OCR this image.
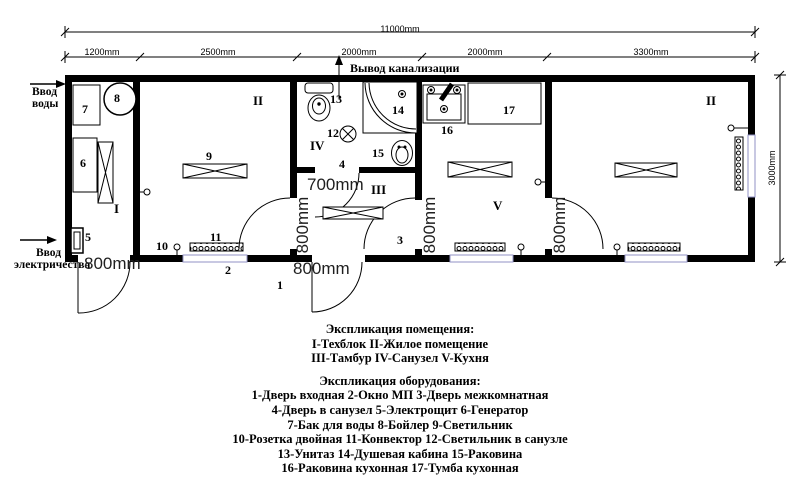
11000mm
1200mm	2500mm	2000mm	2000mm	3300mm
3000mm
Ввод
воды
Ввод
электричества
Вывод канализации
800mm	800mm
700mm
800mm	800mm	800mm
I
II	II
III
IV
V
1
2
3
4
5
6
7
8
9
10
11
12
13
14
15
16
17
Экспликация помещения:
I-Техблок II-Жилое помещение
III-Тамбур IV-Санузел V-Кухня
Экспликация оборудования:
1-Дверь входная 2-Окно МП 3-Дверь межкомнатная
4-Дверь в санузел 5-Электрощит 6-Генератор
7-Бак для воды 8-Бойлер 9-Светильник
10-Розетка двойная 11-Конвектор 12-Светильник в санузле
13-Унитаз 14-Душевая кабина 15-Раковина
16-Раковина кухонная 17-Тумба кухонная
